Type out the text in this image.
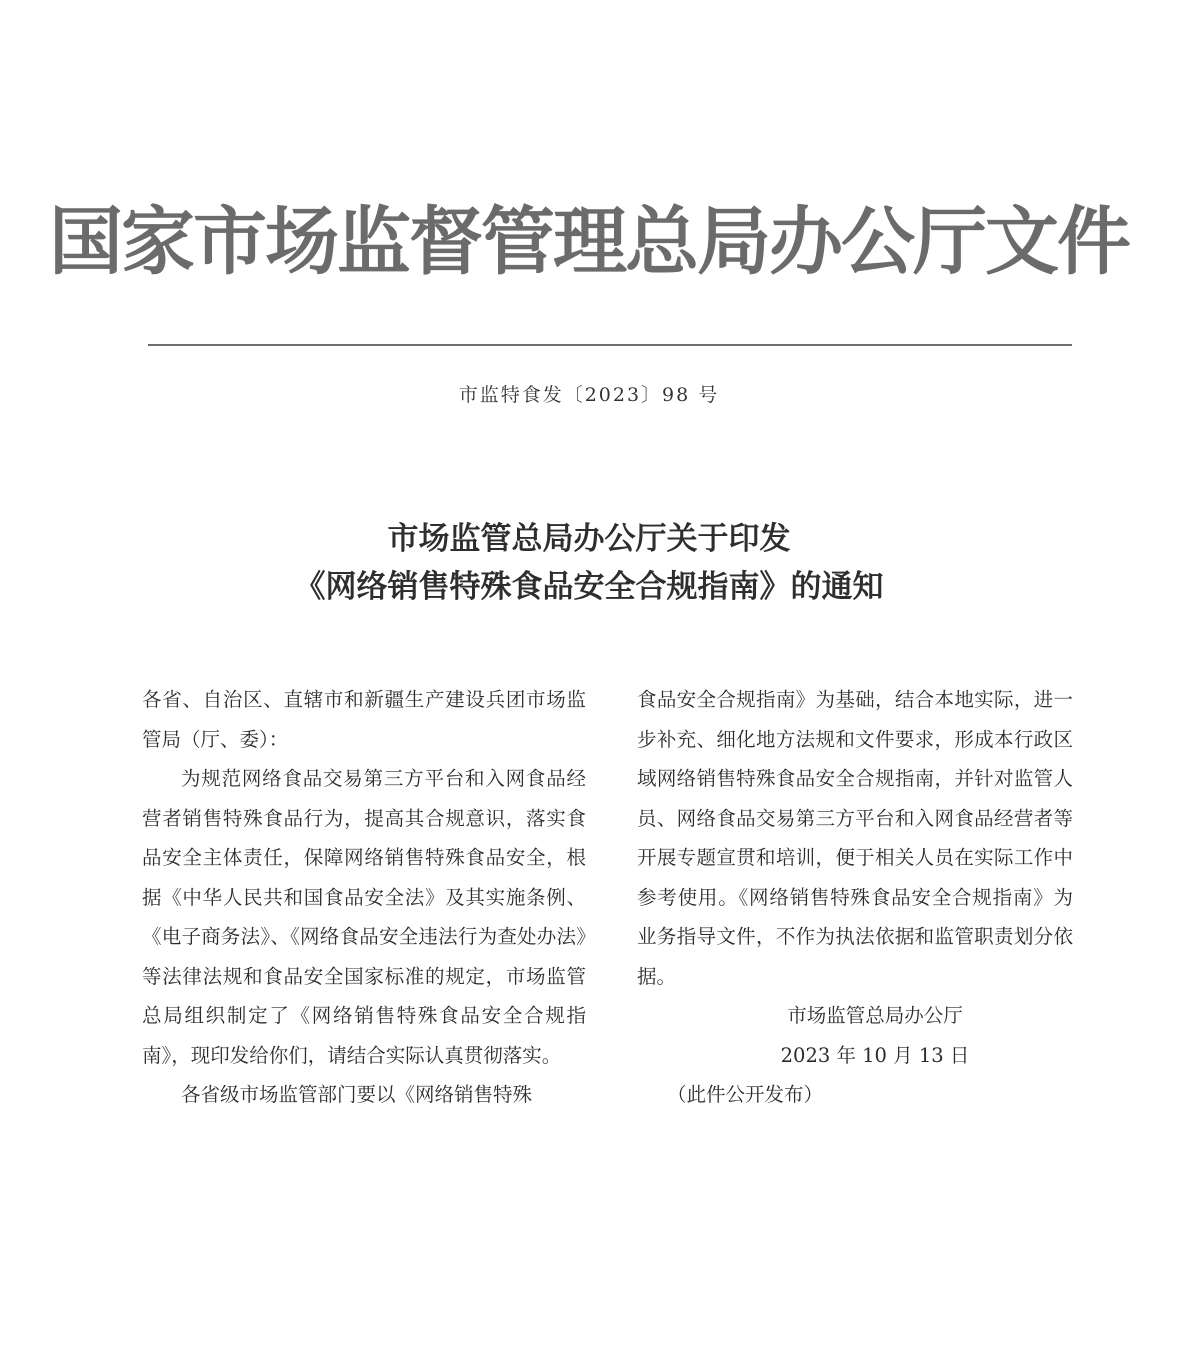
国家市场监督管理总局办公厅文件
市监特食发〔2023〕98 号
市场监管总局办公厅关于印发
《网络销售特殊食品安全合规指南》的通知

各省、自治区、直辖市和新疆生产建设兵团市场监管局（厅、委）：

为规范网络食品交易第三方平台和入网食品经营者销售特殊食品行为，提高其合规意识，落实食品安全主体责任，保障网络销售特殊食品安全，根据《中华人民共和国食品安全法》及其实施条例、《电子商务法》、《网络食品安全违法行为查处办法》等法律法规和食品安全国家标准的规定，市场监管总局组织制定了《网络销售特殊食品安全合规指南》，现印发给你们，请结合实际认真贯彻落实。

各省级市场监管部门要以《网络销售特殊

食品安全合规指南》为基础，结合本地实际，进一步补充、细化地方法规和文件要求，形成本行政区域网络销售特殊食品安全合规指南，并针对监管人员、网络食品交易第三方平台和入网食品经营者等开展专题宣贯和培训，便于相关人员在实际工作中参考使用。《网络销售特殊食品安全合规指南》为业务指导文件，不作为执法依据和监管职责划分依据。

市场监管总局办公厅

2023 年 10 月 13 日

（此件公开发布）
